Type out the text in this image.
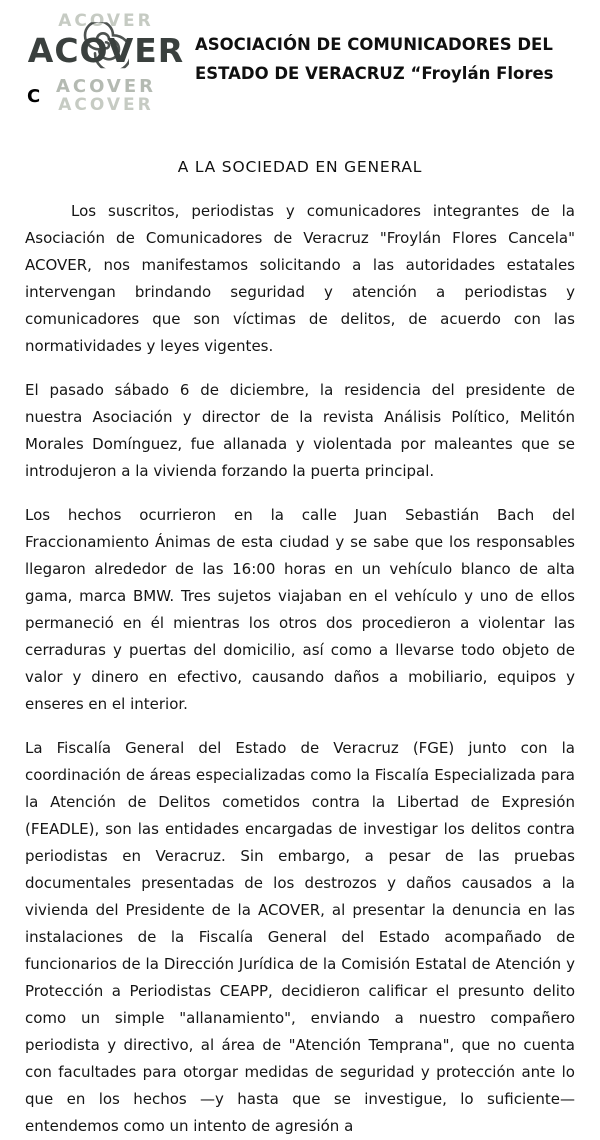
ACOVER
ACOVER
ACOVER
ACOVER
C
ASOCIACIÓN DE COMUNICADORES DEL
ESTADO DE VERACRUZ “Froylán Flores
A LA SOCIEDAD EN GENERAL

Los suscritos, periodistas y comunicadores integrantes de la Asociación de Comunicadores de Veracruz "Froylán Flores Cancela" ACOVER, nos manifestamos solicitando a las autoridades estatales intervengan brindando seguridad y atención a periodistas y comunicadores que son víctimas de delitos, de acuerdo con las normatividades y leyes vigentes.

El pasado sábado 6 de diciembre, la residencia del presidente de nuestra Asociación y director de la revista Análisis Político, Melitón Morales Domínguez, fue allanada y violentada por maleantes que se introdujeron a la vivienda forzando la puerta principal.

Los hechos ocurrieron en la calle Juan Sebastián Bach del Fraccionamiento Ánimas de esta ciudad y se sabe que los responsables llegaron alrededor de las 16:00 horas en un vehículo blanco de alta gama, marca BMW. Tres sujetos viajaban en el vehículo y uno de ellos permaneció en él mientras los otros dos procedieron a violentar las cerraduras y puertas del domicilio, así como a llevarse todo objeto de valor y dinero en efectivo, causando daños a mobiliario, equipos y enseres en el interior.

La Fiscalía General del Estado de Veracruz (FGE) junto con la coordinación de áreas especializadas como la Fiscalía Especializada para la Atención de Delitos cometidos contra la Libertad de Expresión (FEADLE), son las entidades encargadas de investigar los delitos contra periodistas en Veracruz. Sin embargo, a pesar de las pruebas documentales presentadas de los destrozos y daños causados a la vivienda del Presidente de la ACOVER, al presentar la denuncia en las instalaciones de la Fiscalía General del Estado acompañado de funcionarios de la Dirección Jurídica de la Comisión Estatal de Atención y Protección a Periodistas CEAPP, decidieron calificar el presunto delito como un simple "allanamiento", enviando a nuestro compañero periodista y directivo, al área de "Atención Temprana", que no cuenta con facultades para otorgar medidas de seguridad y protección ante lo que en los hechos —y hasta que se investigue, lo suficiente— entendemos como un intento de agresión a
